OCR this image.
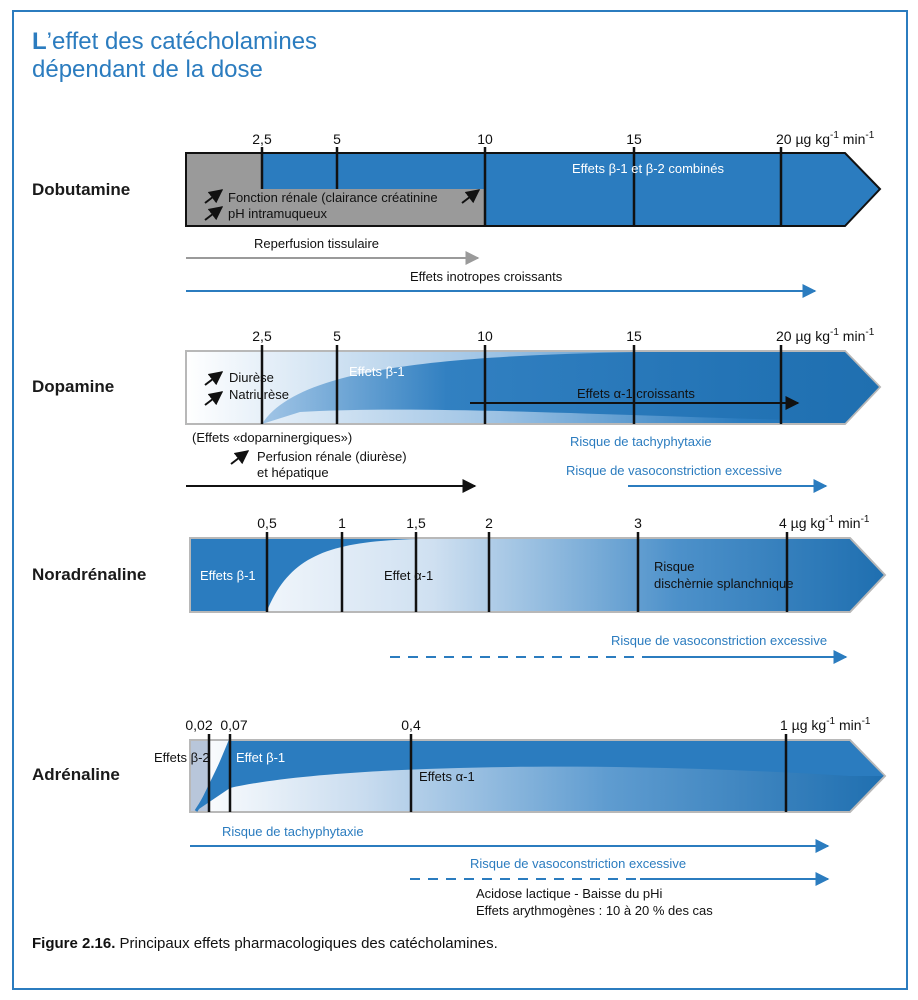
L’effet des catécholamines
dépendant de la dose
Dobutamine
2,5	5	10	15	20 µg $kg^{-1}$ $\min^{-1}$
Effets β-1 et β-2 combinés
Fonction rénale (clairance créatinine
pH intramuqueux
Reperfusion tissulaire
Effets inotropes croissants
Dopamine
2,5	5	10	15	20 µg $kg^{-1}$ $\min^{-1}$
Diurèse
Natriurèse
Effets β-1
Effets α-1 croissants
(Effets «doparninergiques»)
Perfusion rénale (diurèse)
et hépatique
Risque de tachyphytaxie
Risque de vasoconstriction excessive
Noradrénaline
0,5	1	1,5	2	3	4 µg $kg^{-1}$ $\min^{-1}$
Effets β-1	Effet α-1
Risque
dischèrnie splanchnique
Risque de vasoconstriction excessive
Adrénaline
0,02 0,07	0,4	1 µg $kg^{-1}$ $\min^{-1}$
Effets β-2 Effet β-1
Effets α-1
Risque de tachyphytaxie
Risque de vasoconstriction excessive
Acidose lactique - Baisse du pHi
Effets arythmogènes : 10 à 20 % des cas
Figure 2.16. Principaux effets pharmacologiques des catécholamines.
